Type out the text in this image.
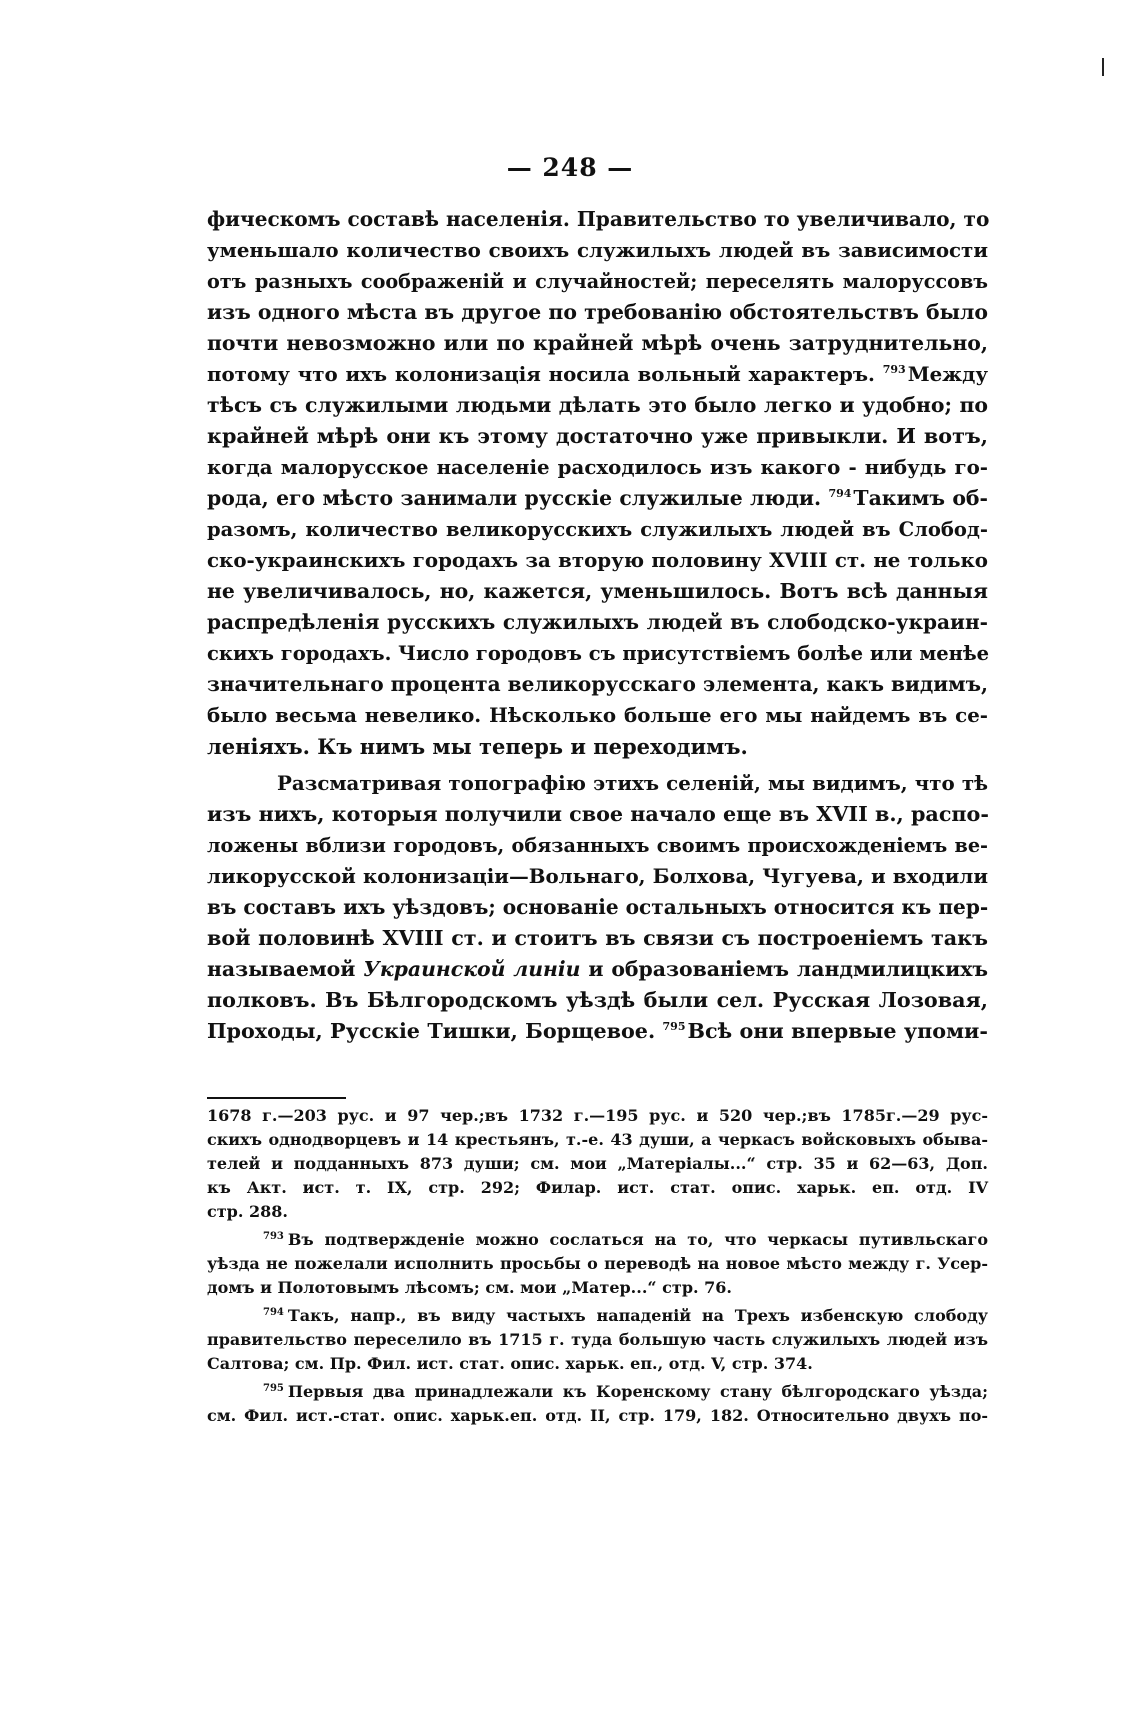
— 248 —
фическомъ составѣ населенія. Правительство то увеличивало, то
уменьшало количество своихъ служилыхъ людей въ зависимости
отъ разныхъ соображеній и случайностей; переселять малоруссовъ
изъ одного мѣста въ другое по требованію обстоятельствъ было
почти невозможно или по крайней мѣрѣ очень затруднительно,
потому что ихъ колонизація носила вольный характеръ. $^{793}$ Между
тѣсъ съ служилыми людьми дѣлать это было легко и удобно; по
крайней мѣрѣ они къ этому достаточно уже привыкли. И вотъ,
когда малорусское населеніе расходилось изъ какого - нибудь го-
рода, его мѣсто занимали русскіе служилые люди. $^{794}$Такимъ об-
разомъ, количество великорусскихъ служилыхъ людей въ Слобод-
ско-украинскихъ городахъ за вторую половину XVIII ст. не только
не увеличивалось, но, кажется, уменьшилось. Вотъ всѣ данныя
распредѣленія русскихъ служилыхъ людей въ слободско-украин-
скихъ городахъ. Число городовъ съ присутствіемъ болѣе или менѣе
значительнаго процента великорусскаго элемента, какъ видимъ,
было весьма невелико. Нѣсколько больше его мы найдемъ въ се-
леніяхъ. Къ нимъ мы теперь и переходимъ.
Разсматривая топографію этихъ селеній, мы видимъ, что тѣ
изъ нихъ, которыя получили свое начало еще въ XVII в., распо-
ложены вблизи городовъ, обязанныхъ своимъ происхожденіемъ ве-
ликорусской колонизаціи—Вольнаго, Болхова, Чугуева, и входили
въ составъ ихъ уѣздовъ; основаніе остальныхъ относится къ пер-
вой половинѣ XVIII ст. и стоитъ въ связи съ построеніемъ такъ
называемой Украинской линіи и образованіемъ ландмилицкихъ
полковъ. Въ Бѣлгородскомъ уѣздѣ были сел. Русская Лозовая,
Проходы, Русскіе Тишки, Борщевое. $^{795}$Всѣ они впервые упоми-
1678 г.—203 рус. и 97 чер.;въ 1732 г.—195 рус. и 520 чер.;въ 1785г.—29 рус-
скихъ однодворцевъ и 14 крестьянъ, т.-е. 43 души, а черкасъ войсковыхъ обыва-
телей и подданныхъ 873 души; см. мои „Матеріалы...“ стр. 35 и 62—63, Доп.
къ Акт. ист. т. IX, стр. 292; Филар. ист. стат. опис. харьк. еп. отд. IV
стр. 288.
$^{793}$ Въ подтвержденіе можно сослаться на то, что черкасы путивльскаго
уѣзда не пожелали исполнить просьбы о переводѣ на новое мѣсто между г. Усер-
домъ и Полотовымъ лѣсомъ; см. мои „Матер...“ стр. 76.
$^{794}$ Такъ, напр., въ виду частыхъ нападеній на Трехъ избенскую слободу
правительство переселило въ 1715 г. туда большую часть служилыхъ людей изъ
Салтова; см. Пр. Фил. ист. стат. опис. харьк. еп., отд. V, стр. 374.
$^{795}$ Первыя два принадлежали къ Коренскому стану бѣлгородскаго уѣзда;
см. Фил. ист.-стат. опис. харьк.еп. отд. II, стр. 179, 182. Относительно двухъ по-
